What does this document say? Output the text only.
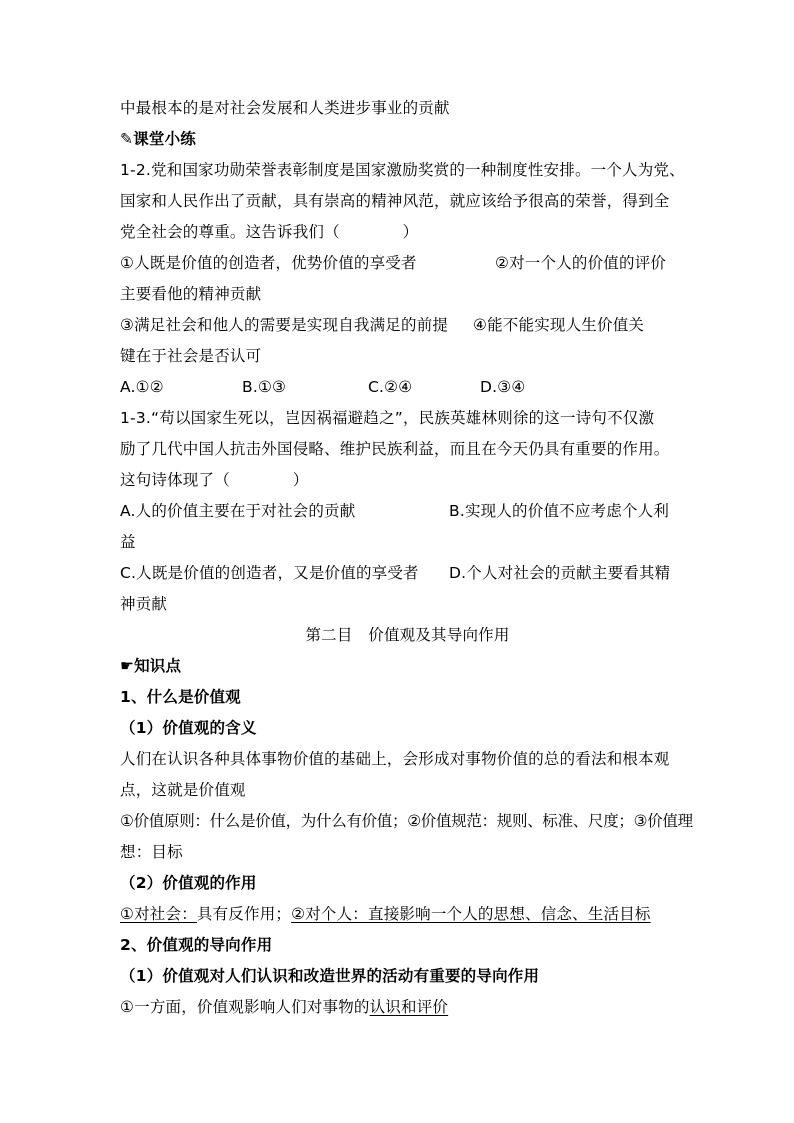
中最根本的是对社会发展和人类进步事业的贡献
✎课堂小练
1-2.党和国家功勋荣誉表彰制度是国家激励奖赏的一种制度性安排。一个人为党、
国家和人民作出了贡献，具有崇高的精神风范，就应该给予很高的荣誉，得到全
党全社会的尊重。这告诉我们（　　　　）
①人既是价值的创造者，优势价值的享受者	②对一个人的价值的评价
主要看他的精神贡献
③满足社会和他人的需要是实现自我满足的前提 ④能不能实现人生价值关
键在于社会是否认可
A.①②	B.①③	C.②④	D.③④
1-3.“苟以国家生死以，岂因祸福避趋之”，民族英雄林则徐的这一诗句不仅激
励了几代中国人抗击外国侵略、维护民族利益，而且在今天仍具有重要的作用。
这句诗体现了（　　　　）
A.人的价值主要在于对社会的贡献	B.实现人的价值不应考虑个人利
益
C.人既是价值的创造者，又是价值的享受者 D.个人对社会的贡献主要看其精
神贡献
第二目　价值观及其导向作用
☛知识点
1、什么是价值观
（1）价值观的含义
人们在认识各种具体事物价值的基础上，会形成对事物价值的总的看法和根本观
点，这就是价值观
①价值原则：什么是价值，为什么有价值；②价值规范：规则、标准、尺度；③价值理
想：目标
（2）价值观的作用
①对社会：具有反作用；②对个人：直接影响一个人的思想、信念、生活目标
2、价值观的导向作用
（1）价值观对人们认识和改造世界的活动有重要的导向作用
①一方面，价值观影响人们对事物的认识和评价
